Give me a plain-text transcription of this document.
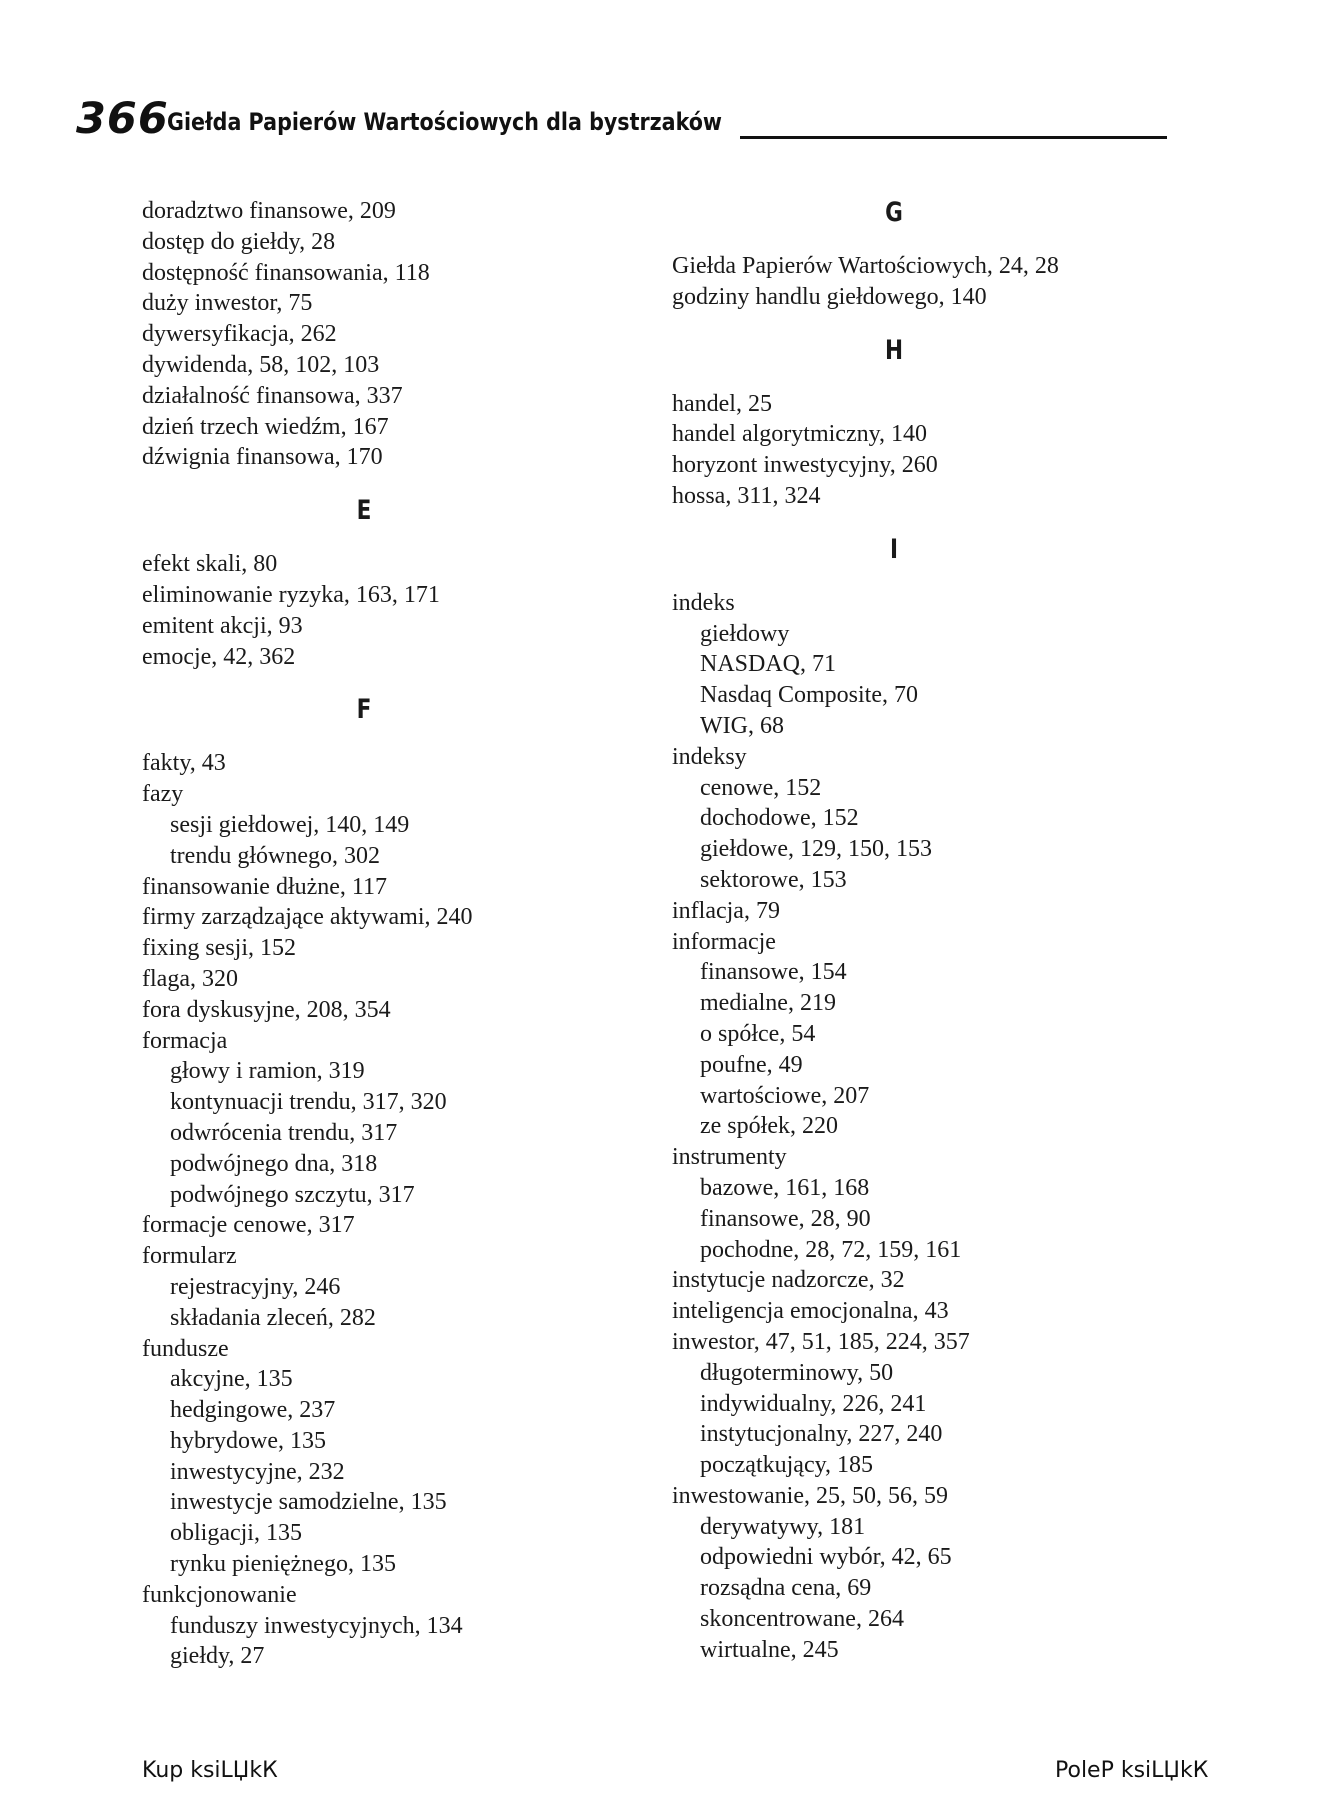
366
Giełda Papierów Wartościowych dla bystrzaków
doradztwo finansowe, 209
dostęp do giełdy, 28
dostępność finansowania, 118
duży inwestor, 75
dywersyfikacja, 262
dywidenda, 58, 102, 103
działalność finansowa, 337
dzień trzech wiedźm, 167
dźwignia finansowa, 170
E
efekt skali, 80
eliminowanie ryzyka, 163, 171
emitent akcji, 93
emocje, 42, 362
F
fakty, 43
fazy
sesji giełdowej, 140, 149
trendu głównego, 302
finansowanie dłużne, 117
firmy zarządzające aktywami, 240
fixing sesji, 152
flaga, 320
fora dyskusyjne, 208, 354
formacja
głowy i ramion, 319
kontynuacji trendu, 317, 320
odwrócenia trendu, 317
podwójnego dna, 318
podwójnego szczytu, 317
formacje cenowe, 317
formularz
rejestracyjny, 246
składania zleceń, 282
fundusze
akcyjne, 135
hedgingowe, 237
hybrydowe, 135
inwestycyjne, 232
inwestycje samodzielne, 135
obligacji, 135
rynku pieniężnego, 135
funkcjonowanie
funduszy inwestycyjnych, 134
giełdy, 27
G
Giełda Papierów Wartościowych, 24, 28
godziny handlu giełdowego, 140
H
handel, 25
handel algorytmiczny, 140
horyzont inwestycyjny, 260
hossa, 311, 324
I
indeks
giełdowy
NASDAQ, 71
Nasdaq Composite, 70
WIG, 68
indeksy
cenowe, 152
dochodowe, 152
giełdowe, 129, 150, 153
sektorowe, 153
inflacja, 79
informacje
finansowe, 154
medialne, 219
o spółce, 54
poufne, 49
wartościowe, 207
ze spółek, 220
instrumenty
bazowe, 161, 168
finansowe, 28, 90
pochodne, 28, 72, 159, 161
instytucje nadzorcze, 32
inteligencja emocjonalna, 43
inwestor, 47, 51, 185, 224, 357
długoterminowy, 50
indywidualny, 226, 241
instytucjonalny, 227, 240
początkujący, 185
inwestowanie, 25, 50, 56, 59
derywatywy, 181
odpowiedni wybór, 42, 65
rozsądna cena, 69
skoncentrowane, 264
wirtualne, 245
Kup ksiLЏkК	PoleР ksiLЏkК
